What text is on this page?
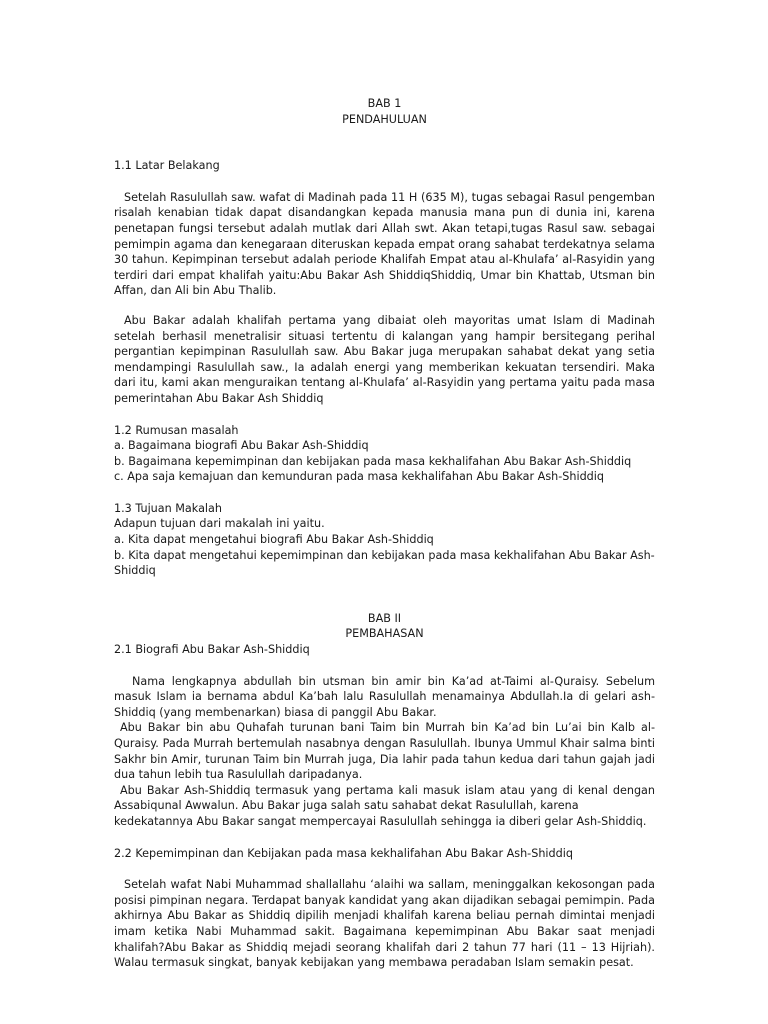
BAB 1

PENDAHULUAN

1.1 Latar Belakang

Setelah Rasulullah saw. wafat di Madinah pada 11 H (635 M), tugas sebagai Rasul pengemban risalah kenabian tidak dapat disandangkan kepada manusia mana pun di dunia ini, karena penetapan fungsi tersebut adalah mutlak dari Allah swt. Akan tetapi,tugas Rasul saw. sebagai pemimpin agama dan kenegaraan diteruskan kepada empat orang sahabat terdekatnya selama 30 tahun. Kepimpinan tersebut adalah periode Khalifah Empat atau al-Khulafa’ al-Rasyidin yang terdiri dari empat khalifah yaitu:Abu Bakar Ash ShiddiqShiddiq, Umar bin Khattab, Utsman bin Affan, dan Ali bin Abu Thalib.

Abu Bakar adalah khalifah pertama yang dibaiat oleh mayoritas umat Islam di Madinah setelah berhasil menetralisir situasi tertentu di kalangan yang hampir bersitegang perihal pergantian kepimpinan Rasulullah saw. Abu Bakar juga merupakan sahabat dekat yang setia mendampingi Rasulullah saw., Ia adalah energi yang memberikan kekuatan tersendiri. Maka dari itu, kami akan menguraikan tentang al-Khulafa’ al-Rasyidin yang pertama yaitu pada masa pemerintahan Abu Bakar Ash Shiddiq

1.2 Rumusan masalah

a. Bagaimana biografi Abu Bakar Ash-Shiddiq

b. Bagaimana kepemimpinan dan kebijakan pada masa kekhalifahan Abu Bakar Ash-Shiddiq

c. Apa saja kemajuan dan kemunduran pada masa kekhalifahan Abu Bakar Ash-Shiddiq

1.3 Tujuan Makalah

Adapun tujuan dari makalah ini yaitu.

a. Kita dapat mengetahui biografi Abu Bakar Ash-Shiddiq

b. Kita dapat mengetahui kepemimpinan dan kebijakan pada masa kekhalifahan Abu Bakar Ash-Shiddiq

BAB II

PEMBAHASAN

2.1 Biografi Abu Bakar Ash-Shiddiq

Nama lengkapnya abdullah bin utsman bin amir bin Ka’ad at-Taimi al-Quraisy. Sebelum masuk Islam ia bernama abdul Ka’bah lalu Rasulullah menamainya Abdullah.Ia di gelari ash-Shiddiq (yang membenarkan) biasa di panggil Abu Bakar.

Abu Bakar bin abu Quhafah turunan bani Taim bin Murrah bin Ka’ad bin Lu’ai bin Kalb al-Quraisy. Pada Murrah bertemulah nasabnya dengan Rasulullah. Ibunya Ummul Khair salma binti Sakhr bin Amir, turunan Taim bin Murrah juga, Dia lahir pada tahun kedua dari tahun gajah jadi dua tahun lebih tua Rasulullah daripadanya.

Abu Bakar Ash-Shiddiq termasuk yang pertama kali masuk islam atau yang di kenal dengan Assabiqunal Awwalun. Abu Bakar juga salah satu sahabat dekat Rasulullah, karena

kedekatannya Abu Bakar sangat mempercayai Rasulullah sehingga ia diberi gelar Ash-Shiddiq.

2.2 Kepemimpinan dan Kebijakan pada masa kekhalifahan Abu Bakar Ash-Shiddiq

Setelah wafat Nabi Muhammad shallallahu ‘alaihi wa sallam, meninggalkan kekosongan pada posisi pimpinan negara. Terdapat banyak kandidat yang akan dijadikan sebagai pemimpin. Pada akhirnya Abu Bakar as Shiddiq dipilih menjadi khalifah karena beliau pernah dimintai menjadi imam ketika Nabi Muhammad sakit. Bagaimana kepemimpinan Abu Bakar saat menjadi khalifah?Abu Bakar as Shiddiq mejadi seorang khalifah dari 2 tahun 77 hari (11 – 13 Hijriah). Walau termasuk singkat, banyak kebijakan yang membawa peradaban Islam semakin pesat.
